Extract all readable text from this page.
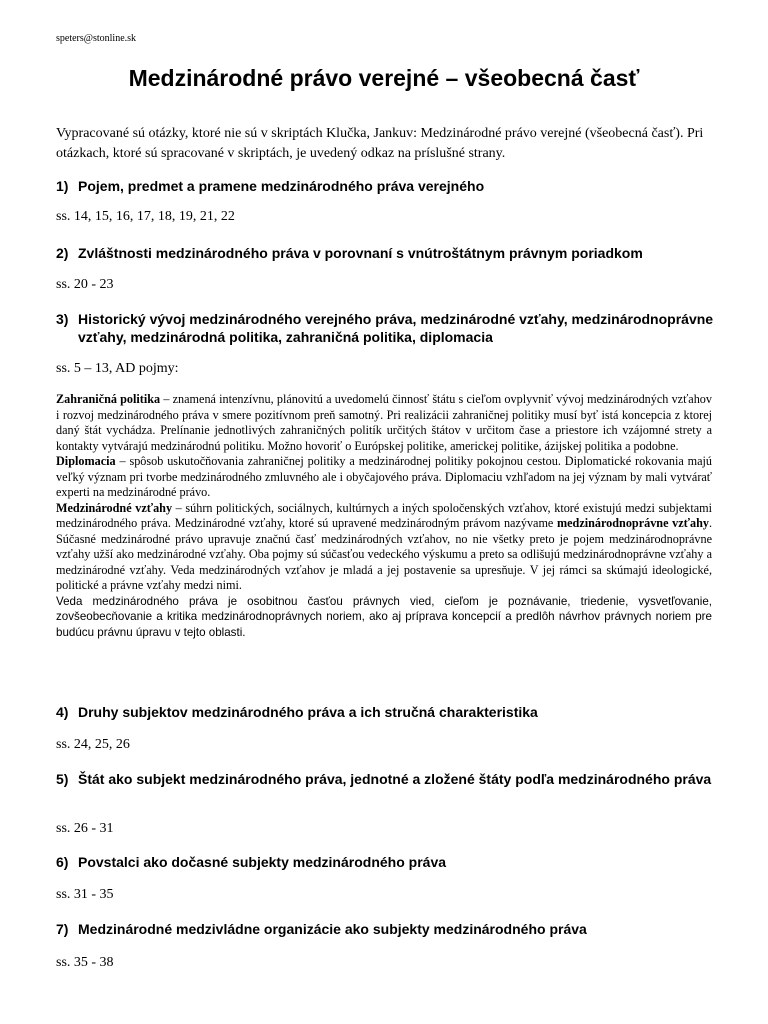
speters@stonline.sk
Medzinárodné právo verejné – všeobecná časť

Vypracované sú otázky, ktoré nie sú v skriptách Klučka, Jankuv: Medzinárodné právo verejné (všeobecná časť). Pri otázkach, ktoré sú spracované v skriptách, je uvedený odkaz na príslušné strany.

1) Pojem, predmet a pramene medzinárodného práva verejného

ss. 14, 15, 16, 17, 18, 19, 21, 22

2) Zvláštnosti medzinárodného práva v porovnaní s vnútroštátnym právnym poriadkom

ss. 20 - 23

3) Historický vývoj medzinárodného verejného práva, medzinárodné vzťahy, medzinárodnoprávne vzťahy, medzinárodná politika, zahraničná politika, diplomacia

ss. 5 – 13, AD pojmy:

Zahraničná politika – znamená intenzívnu, plánovitú a uvedomelú činnosť štátu s cieľom ovplyvniť vývoj medzinárodných vzťahov i rozvoj medzinárodného práva v smere pozitívnom preň samotný. Pri realizácii zahraničnej politiky musí byť istá koncepcia z ktorej daný štát vychádza. Prelínanie jednotlivých zahraničných politík určitých štátov v určitom čase a priestore ich vzájomné strety a kontakty vytvárajú medzinárodnú politiku. Možno hovoriť o Európskej politike, americkej politike, ázijskej politika a podobne.

Diplomacia – spôsob uskutočňovania zahraničnej politiky a medzinárodnej politiky pokojnou cestou. Diplomatické rokovania majú veľký význam pri tvorbe medzinárodného zmluvného ale i obyčajového práva. Diplomaciu vzhľadom na jej význam by mali vytvárať experti na medzinárodné právo.

Medzinárodné vzťahy – súhrn politických, sociálnych, kultúrnych a iných spoločenských vzťahov, ktoré existujú medzi subjektami medzinárodného práva. Medzinárodné vzťahy, ktoré sú upravené medzinárodným právom nazývame medzinárodnoprávne vzťahy. Súčasné medzinárodné právo upravuje značnú časť medzinárodných vzťahov, no nie všetky preto je pojem medzinárodnoprávne vzťahy užší ako medzinárodné vzťahy. Oba pojmy sú súčasťou vedeckého výskumu a preto sa odlišujú medzinárodnoprávne vzťahy a medzinárodné vzťahy. Veda medzinárodných vzťahov je mladá a jej postavenie sa upresňuje. V jej rámci sa skúmajú ideologické, politické a právne vzťahy medzi nimi.

Veda medzinárodného práva je osobitnou časťou právnych vied, cieľom je poznávanie, triedenie, vysvetľovanie, zovšeobecňovanie a kritika medzinárodnoprávnych noriem, ako aj príprava koncepcií a predlôh návrhov právnych noriem pre budúcu právnu úpravu v tejto oblasti.

4) Druhy subjektov medzinárodného práva a ich stručná charakteristika

ss. 24, 25, 26

5) Štát ako subjekt medzinárodného práva, jednotné a zložené štáty podľa medzinárodného práva

ss. 26 - 31

6) Povstalci ako dočasné subjekty medzinárodného práva

ss. 31 - 35

7) Medzinárodné medzivládne organizácie ako subjekty medzinárodného práva

ss. 35 - 38
